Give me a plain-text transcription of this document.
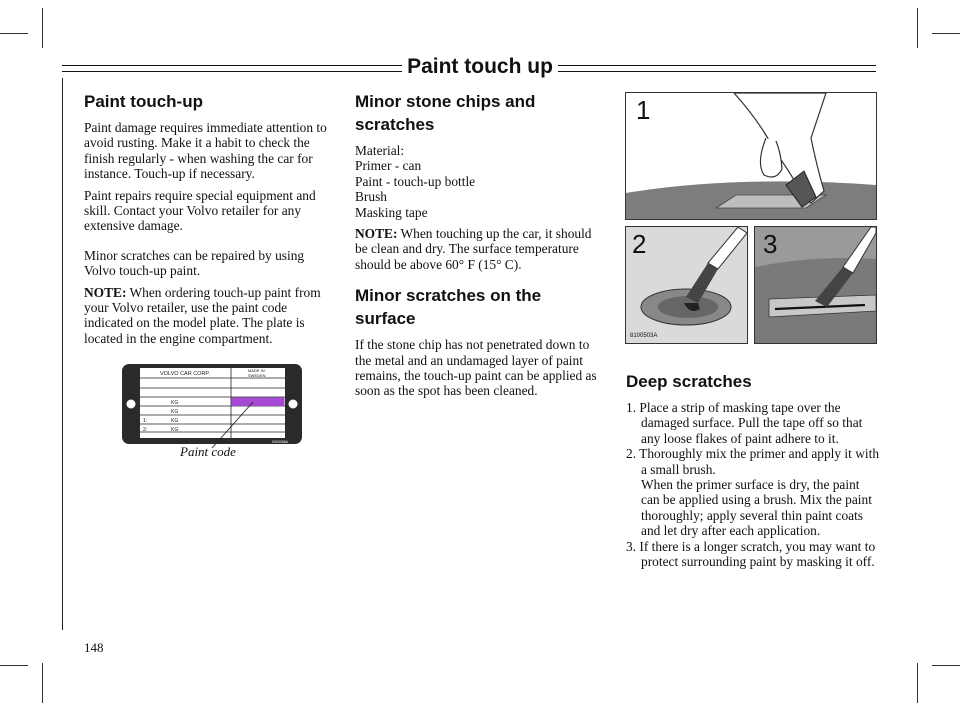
Paint touch up
Paint touch-up

Paint damage requires immediate attention to avoid rusting. Make it a habit to check the finish regularly - when washing the car for instance. Touch-up if necessary.

Paint repairs require special equipment and skill. Contact your Volvo retailer for any extensive damage.

Minor scratches can be repaired by using Volvo touch-up paint.

NOTE: When ordering touch-up paint from your Volvo retailer, use the paint code indicated on the model plate. The plate is located in the engine compartment.

VOLVO CAR CORP.
MADE IN
SWEDEN
KG
KG
1:	KG
2:	KG
0300068A
Paint code
Minor stone chips and scratches

Material:
Primer - can
Paint - touch-up bottle
Brush
Masking tape

NOTE: When touching up the car, it should be clean and dry. The surface temperature should be above 60° F (15° C).

Minor scratches on the surface

If the stone chip has not penetrated down to the metal and an undamaged layer of paint remains, the touch-up paint can be applied as soon as the spot has been cleaned.

1
2
8100503A
3
Deep scratches
1. Place a strip of masking tape over the damaged surface. Pull the tape off so that any loose flakes of paint adhere to it.
2. Thoroughly mix the primer and apply it with a small brush.
When the primer surface is dry, the paint can be applied using a brush. Mix the paint thoroughly; apply several thin paint coats and let dry after each application.
3. If there is a longer scratch, you may want to protect surrounding paint by masking it off.
148
